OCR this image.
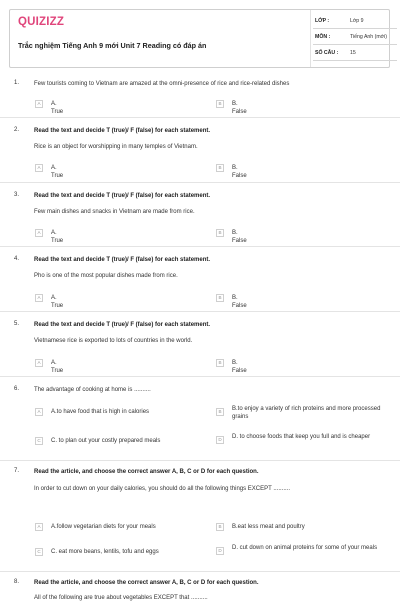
QUIZIZZ
Trắc nghiệm Tiếng Anh 9 mới Unit 7 Reading có đáp án
LỚP :	Lớp 9
MÔN :	Tiếng Anh (mới)
SỐ CÂU : 15
1. Few tourists coming to Vietnam are amazed at the omni-presence of rice and rice-related dishes
A	A. True
B	B. False
2. Read the text and decide T (true)/ F (false) for each statement.
Rice is an object for worshipping in many temples of Vietnam.
A	A. True
B	B. False
3. Read the text and decide T (true)/ F (false) for each statement.
Few main dishes and snacks in Vietnam are made from rice.
A	A. True
B	B. False
4. Read the text and decide T (true)/ F (false) for each statement.
Pho is one of the most popular dishes made from rice.
A	A. True
B	B. False
5. Read the text and decide T (true)/ F (false) for each statement.
Vietnamese rice is exported to lots of countries in the world.
A	A. True
B	B. False
6. The advantage of cooking at home is ..........
A	A.to have food that is high in calories	B	B.to enjoy a variety of rich proteins and more processed grains
C	C. to plan out your costly prepared meals	D	D. to choose foods that keep you full and is cheaper
7. Read the article, and choose the correct answer A, B, C or D for each question.
In order to cut down on your daily calories, you should do all the following things EXCEPT ..........
A	A.follow vegetarian diets for your meals	B	B.eat less meat and poultry
C	C. eat more beans, lentils, tofu and eggs	D	D. cut down on animal proteins for some of your meals
8. Read the article, and choose the correct answer A, B, C or D for each question.
All of the following are true about vegetables EXCEPT that ..........
